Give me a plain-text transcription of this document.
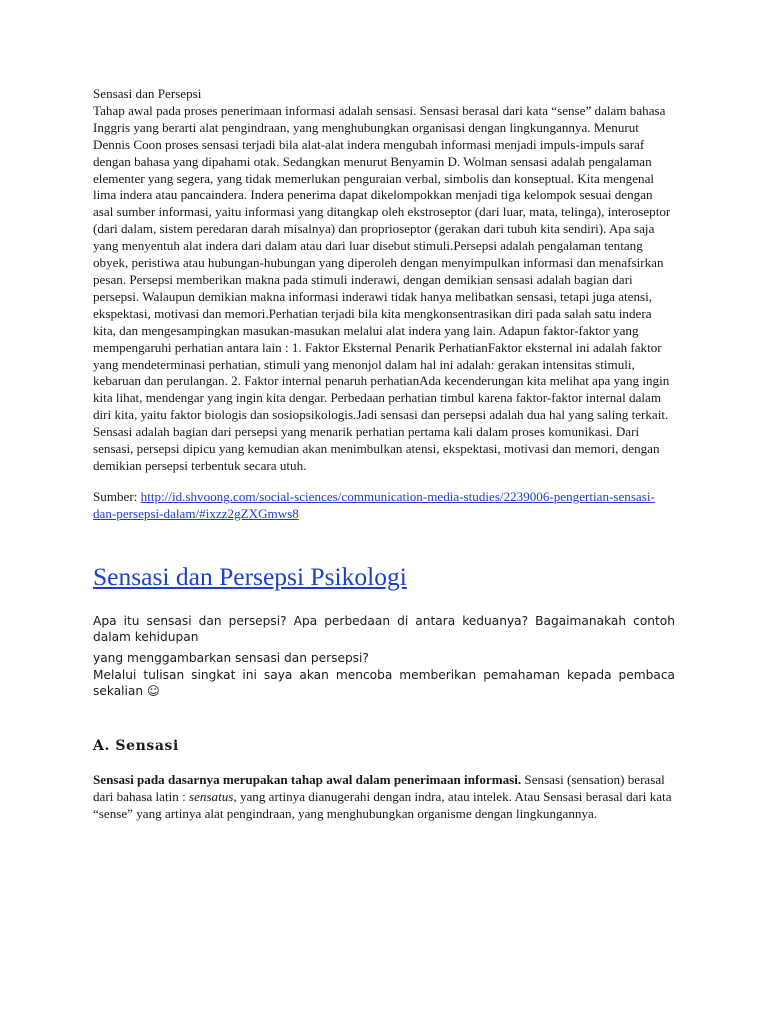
Sensasi dan Persepsi
Tahap awal pada proses penerimaan informasi adalah sensasi. Sensasi berasal dari kata “sense” dalam bahasa Inggris yang berarti alat pengindraan, yang menghubungkan organisasi dengan lingkungannya. Menurut Dennis Coon proses sensasi terjadi bila alat-alat indera mengubah informasi menjadi impuls-impuls saraf dengan bahasa yang dipahami otak. Sedangkan menurut Benyamin D. Wolman sensasi adalah pengalaman elementer yang segera, yang tidak memerlukan penguraian verbal, simbolis dan konseptual. Kita mengenal lima indera atau pancaindera. Indera penerima dapat dikelompokkan menjadi tiga kelompok sesuai dengan asal sumber informasi, yaitu informasi yang ditangkap oleh ekstroseptor (dari luar, mata, telinga), interoseptor (dari dalam, sistem peredaran darah misalnya) dan proprioseptor (gerakan dari tubuh kita sendiri). Apa saja yang menyentuh alat indera dari dalam atau dari luar disebut stimuli.Persepsi adalah pengalaman tentang obyek, peristiwa atau hubungan-hubungan yang diperoleh dengan menyimpulkan informasi dan menafsirkan pesan. Persepsi memberikan makna pada stimuli inderawi, dengan demikian sensasi adalah bagian dari persepsi. Walaupun demikian makna informasi inderawi tidak hanya melibatkan sensasi, tetapi juga atensi, ekspektasi, motivasi dan memori.Perhatian terjadi bila kita mengkonsentrasikan diri pada salah satu indera kita, dan mengesampingkan masukan-masukan melalui alat indera yang lain. Adapun faktor-faktor yang mempengaruhi perhatian antara lain : 1. Faktor Eksternal Penarik PerhatianFaktor eksternal ini adalah faktor yang mendeterminasi perhatian, stimuli yang menonjol dalam hal ini adalah: gerakan intensitas stimuli, kebaruan dan perulangan. 2. Faktor internal penaruh perhatianAda kecenderungan kita melihat apa yang ingin kita lihat, mendengar yang ingin kita dengar. Perbedaan perhatian timbul karena faktor-faktor internal dalam diri kita, yaitu faktor biologis dan sosiopsikologis.Jadi sensasi dan persepsi adalah dua hal yang saling terkait. Sensasi adalah bagian dari persepsi yang menarik perhatian pertama kali dalam proses komunikasi. Dari sensasi, persepsi dipicu yang kemudian akan menimbulkan atensi, ekspektasi, motivasi dan memori, dengan demikian persepsi terbentuk secara utuh.

Sumber: http://id.shvoong.com/social-sciences/communication-media-studies/2239006-pengertian-sensasi-dan-persepsi-dalam/#ixzz2gZXGmws8

Sensasi dan Persepsi Psikologi

Apa itu sensasi dan persepsi? Apa perbedaan di antara keduanya? Bagaimanakah contoh dalam kehidupan

yang menggambarkan sensasi dan persepsi?

Melalui tulisan singkat ini saya akan mencoba memberikan pemahaman kepada pembaca sekalian ☺

A. Sensasi

Sensasi pada dasarnya merupakan tahap awal dalam penerimaan informasi. Sensasi (sensation) berasal dari bahasa latin : sensatus, yang artinya dianugerahi dengan indra, atau intelek. Atau Sensasi berasal dari kata “sense” yang artinya alat pengindraan, yang menghubungkan organisme dengan lingkungannya.
